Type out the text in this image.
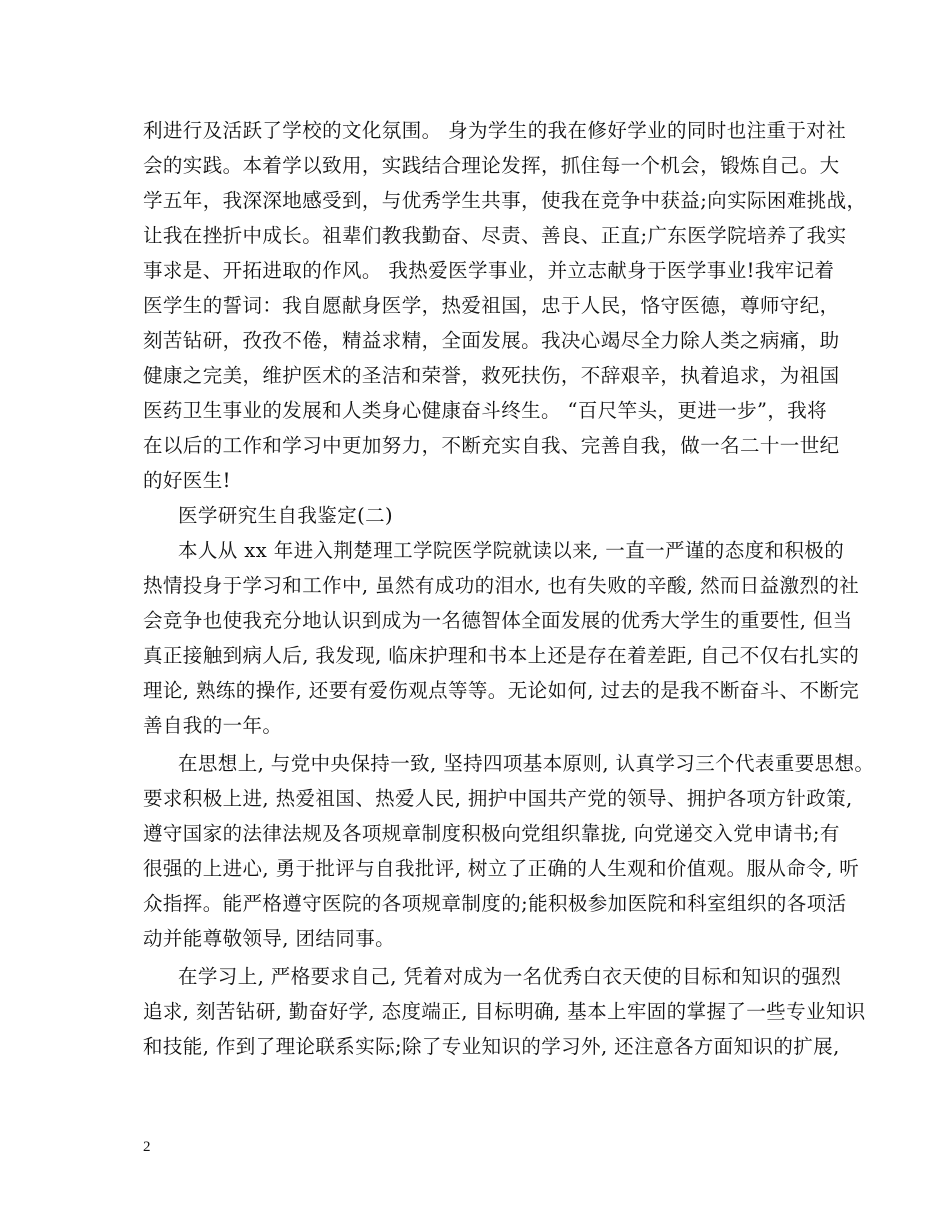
利进行及活跃了学校的文化氛围。 身为学生的我在修好学业的同时也注重于对社
会的实践。本着学以致用，实践结合理论发挥，抓住每一个机会，锻炼自己。大
学五年，我深深地感受到，与优秀学生共事，使我在竞争中获益;向实际困难挑战，
让我在挫折中成长。祖辈们教我勤奋、尽责、善良、正直;广东医学院培养了我实
事求是、开拓进取的作风。 我热爱医学事业，并立志献身于医学事业!我牢记着
医学生的誓词：我自愿献身医学，热爱祖国，忠于人民，恪守医德，尊师守纪，
刻苦钻研，孜孜不倦，精益求精，全面发展。我决心竭尽全力除人类之病痛，助
健康之完美，维护医术的圣洁和荣誉，救死扶伤，不辞艰辛，执着追求，为祖国
医药卫生事业的发展和人类身心健康奋斗终生。 “百尺竿头，更进一步”，我将
在以后的工作和学习中更加努力，不断充实自我、完善自我，做一名二十一世纪
的好医生!
医学研究生自我鉴定(二)
本人从 xx 年进入荆楚理工学院医学院就读以来, 一直一严谨的态度和积极的
热情投身于学习和工作中, 虽然有成功的泪水, 也有失败的辛酸, 然而日益激烈的社
会竞争也使我充分地认识到成为一名德智体全面发展的优秀大学生的重要性, 但当
真正接触到病人后, 我发现, 临床护理和书本上还是存在着差距, 自己不仅右扎实的
理论, 熟练的操作, 还要有爱伤观点等等。无论如何, 过去的是我不断奋斗、不断完
善自我的一年。
在思想上, 与党中央保持一致, 坚持四项基本原则, 认真学习三个代表重要思想。
要求积极上进, 热爱祖国、热爱人民, 拥护中国共产党的领导、拥护各项方针政策,
遵守国家的法律法规及各项规章制度积极向党组织靠拢, 向党递交入党申请书;有
很强的上进心, 勇于批评与自我批评, 树立了正确的人生观和价值观。服从命令, 听
众指挥。能严格遵守医院的各项规章制度的;能积极参加医院和科室组织的各项活
动并能尊敬领导, 团结同事。
在学习上, 严格要求自己, 凭着对成为一名优秀白衣天使的目标和知识的强烈
追求, 刻苦钻研, 勤奋好学, 态度端正, 目标明确, 基本上牢固的掌握了一些专业知识
和技能, 作到了理论联系实际;除了专业知识的学习外, 还注意各方面知识的扩展,
2
